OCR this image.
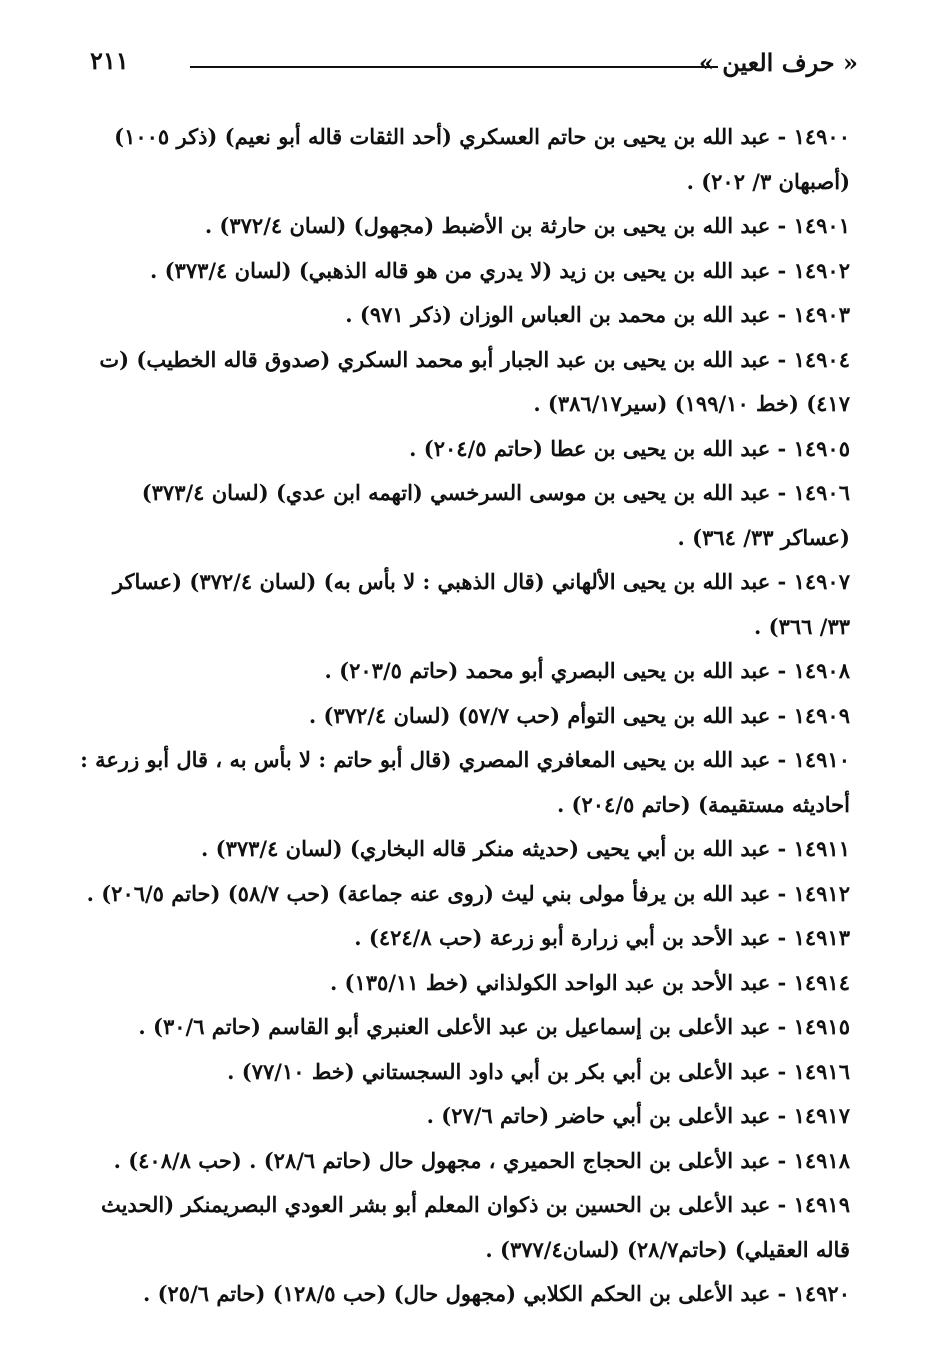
« حرف العين »
٢١١

١٤٩٠٠ - عبد الله بن يحيى بن حاتم العسكري (أحد الثقات قاله أبو نعيم) (ذكر ١٠٠٥) (أصبهان ٣/ ٢٠٢) .

١٤٩٠١ - عبد الله بن يحيى بن حارثة بن الأضبط (مجهول) (لسان ٣٧٢/٤) .

١٤٩٠٢ - عبد الله بن يحيى بن زيد (لا يدري من هو قاله الذهبي) (لسان ٣٧٣/٤) .

١٤٩٠٣ - عبد الله بن محمد بن العباس الوزان (ذكر ٩٧١) .

١٤٩٠٤ - عبد الله بن يحيى بن عبد الجبار أبو محمد السكري (صدوق قاله الخطيب) (ت ٤١٧) (خط ١٩٩/١٠) (سير٣٨٦/١٧) .

١٤٩٠٥ - عبد الله بن يحيى بن عطا (حاتم ٢٠٤/٥) .

١٤٩٠٦ - عبد الله بن يحيى بن موسى السرخسي (اتهمه ابن عدي) (لسان ٣٧٣/٤) (عساكر ٣٣/ ٣٦٤) .

١٤٩٠٧ - عبد الله بن يحيى الألهاني (قال الذهبي : لا بأس به) (لسان ٣٧٢/٤) (عساكر ٣٣/ ٣٦٦) .

١٤٩٠٨ - عبد الله بن يحيى البصري أبو محمد (حاتم ٢٠٣/٥) .

١٤٩٠٩ - عبد الله بن يحيى التوأم (حب ٥٧/٧) (لسان ٣٧٢/٤) .

١٤٩١٠ - عبد الله بن يحيى المعافري المصري (قال أبو حاتم : لا بأس به ، قال أبو زرعة : أحاديثه مستقيمة) (حاتم ٢٠٤/٥) .

١٤٩١١ - عبد الله بن أبي يحيى (حديثه منكر قاله البخاري) (لسان ٣٧٣/٤) .

١٤٩١٢ - عبد الله بن يرفأ مولى بني ليث (روى عنه جماعة) (حب ٥٨/٧) (حاتم ٢٠٦/٥) .

١٤٩١٣ - عبد الأحد بن أبي زرارة أبو زرعة (حب ٤٢٤/٨) .

١٤٩١٤ - عبد الأحد بن عبد الواحد الكولذاني (خط ١٣٥/١١) .

١٤٩١٥ - عبد الأعلى بن إسماعيل بن عبد الأعلى العنبري أبو القاسم (حاتم ٣٠/٦) .

١٤٩١٦ - عبد الأعلى بن أبي بكر بن أبي داود السجستاني (خط ٧٧/١٠) .

١٤٩١٧ - عبد الأعلى بن أبي حاضر (حاتم ٢٧/٦) .

١٤٩١٨ - عبد الأعلى بن الحجاج الحميري ، مجهول حال (حاتم ٢٨/٦) . (حب ٤٠٨/٨) .

١٤٩١٩ - عبد الأعلى بن الحسين بن ذكوان المعلم أبو بشر العودي البصريمنكر (الحديث قاله العقيلي) (حاتم٢٨/٧) (لسان٣٧٧/٤) .

١٤٩٢٠ - عبد الأعلى بن الحكم الكلابي (مجهول حال) (حب ١٢٨/٥) (حاتم ٢٥/٦) .
